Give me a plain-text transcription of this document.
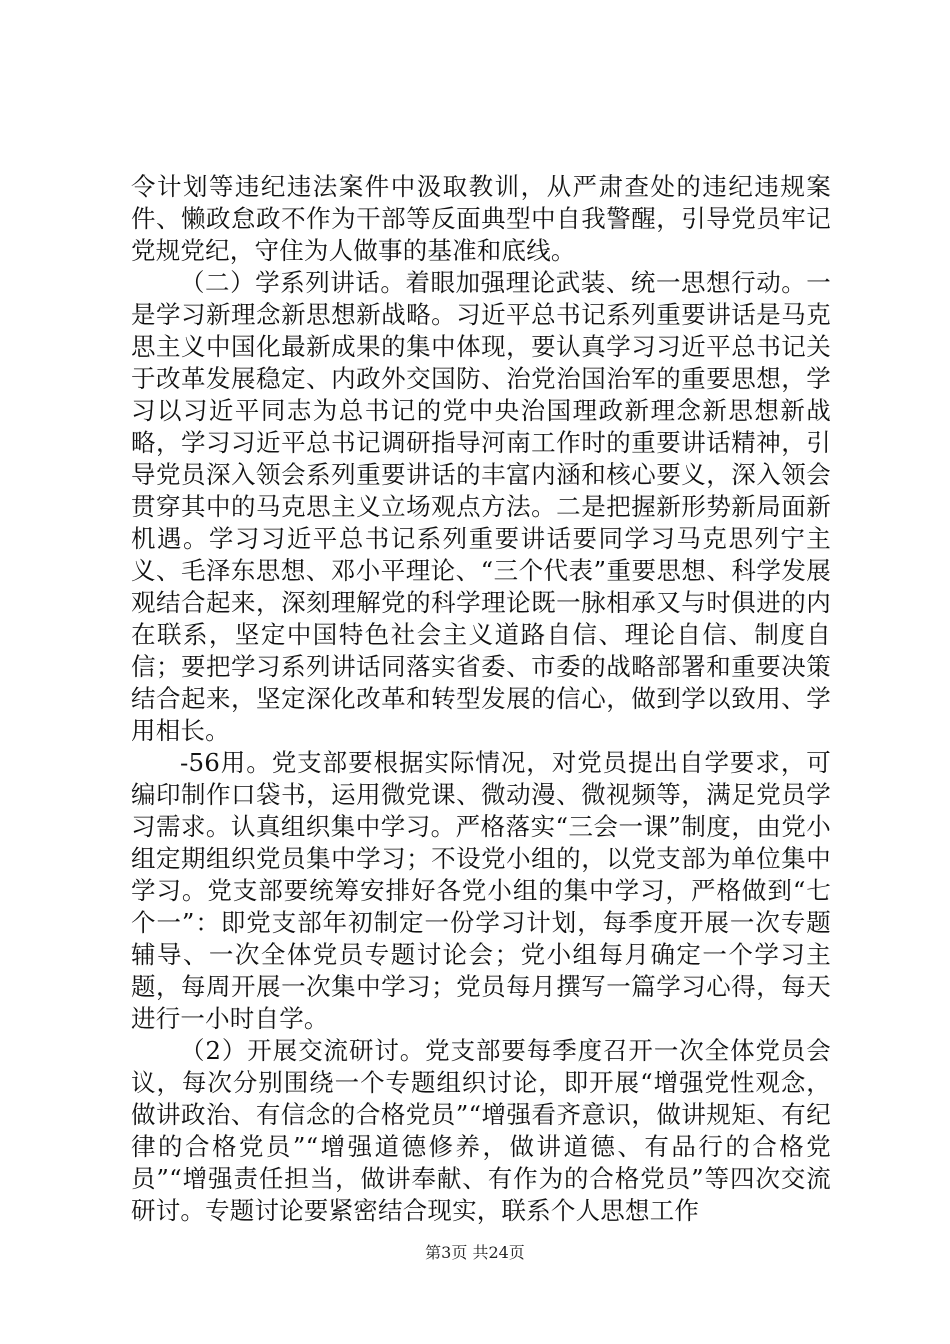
令计划等违纪违法案件中汲取教训，从严肃查处的违纪违规案件、懒政怠政不作为干部等反面典型中自我警醒，引导党员牢记党规党纪，守住为人做事的基准和底线。

（二）学系列讲话。着眼加强理论武装、统一思想行动。一是学习新理念新思想新战略。习近平总书记系列重要讲话是马克思主义中国化最新成果的集中体现，要认真学习习近平总书记关于改革发展稳定、内政外交国防、治党治国治军的重要思想，学习以习近平同志为总书记的党中央治国理政新理念新思想新战略，学习习近平总书记调研指导河南工作时的重要讲话精神，引导党员深入领会系列重要讲话的丰富内涵和核心要义，深入领会贯穿其中的马克思主义立场观点方法。二是把握新形势新局面新机遇。学习习近平总书记系列重要讲话要同学习马克思列宁主义、毛泽东思想、邓小平理论、“三个代表”重要思想、科学发展观结合起来，深刻理解党的科学理论既一脉相承又与时俱进的内在联系，坚定中国特色社会主义道路自信、理论自信、制度自信；要把学习系列讲话同落实省委、市委的战略部署和重要决策结合起来，坚定深化改革和转型发展的信心，做到学以致用、学用相长。

-56用。党支部要根据实际情况，对党员提出自学要求，可编印制作口袋书，运用微党课、微动漫、微视频等，满足党员学习需求。认真组织集中学习。严格落实“三会一课”制度，由党小组定期组织党员集中学习；不设党小组的，以党支部为单位集中学习。党支部要统筹安排好各党小组的集中学习，严格做到“七个一”：即党支部年初制定一份学习计划，每季度开展一次专题辅导、一次全体党员专题讨论会；党小组每月确定一个学习主题，每周开展一次集中学习；党员每月撰写一篇学习心得，每天进行一小时自学。

（2）开展交流研讨。党支部要每季度召开一次全体党员会议，每次分别围绕一个专题组织讨论，即开展“增强党性观念，做讲政治、有信念的合格党员”“增强看齐意识，做讲规矩、有纪律的合格党员”“增强道德修养，做讲道德、有品行的合格党员”“增强责任担当，做讲奉献、有作为的合格党员”等四次交流研讨。专题讨论要紧密结合现实，联系个人思想工作

第3页 共24页
